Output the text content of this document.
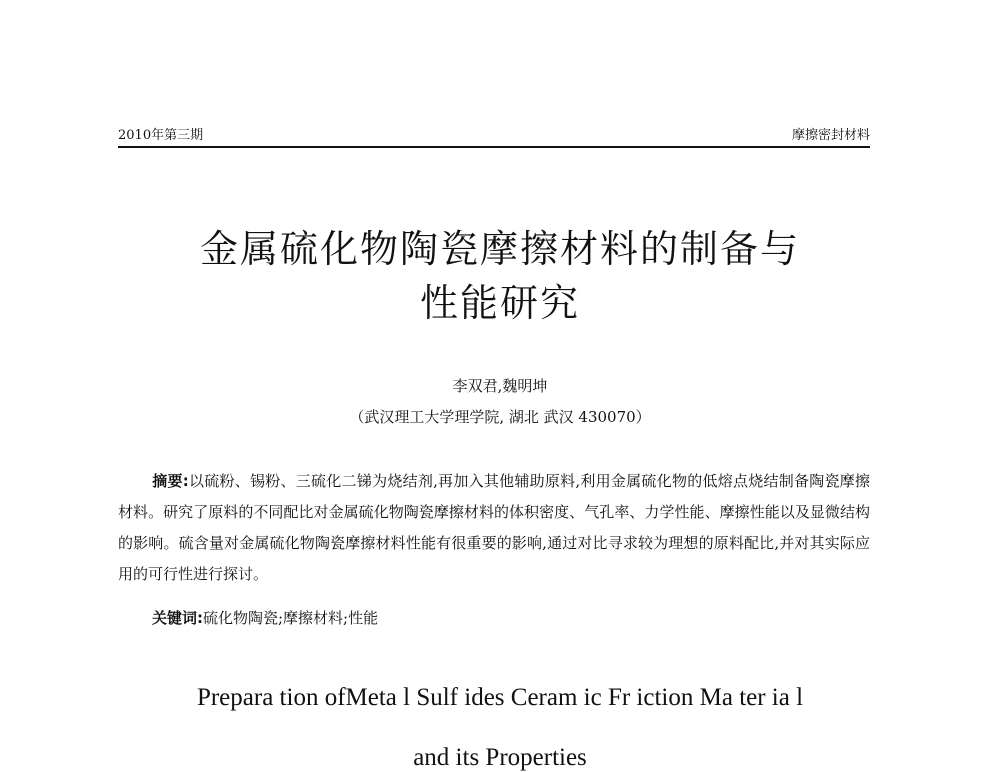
2010年第三期	摩擦密封材料
金属硫化物陶瓷摩擦材料的制备与
性能研究
李双君,魏明坤
（武汉理工大学理学院, 湖北 武汉 430070）

摘要:以硫粉、锡粉、三硫化二锑为烧结剂,再加入其他辅助原料,利用金属硫化物的低熔点烧结制备陶瓷摩擦材料。研究了原料的不同配比对金属硫化物陶瓷摩擦材料的体积密度、气孔率、力学性能、摩擦性能以及显微结构的影响。硫含量对金属硫化物陶瓷摩擦材料性能有很重要的影响,通过对比寻求较为理想的原料配比,并对其实际应用的可行性进行探讨。

关键词:硫化物陶瓷;摩擦材料;性能
Prepara tion ofMeta l Sulf ides Ceram ic Fr iction Ma ter ia l
and its Properties
